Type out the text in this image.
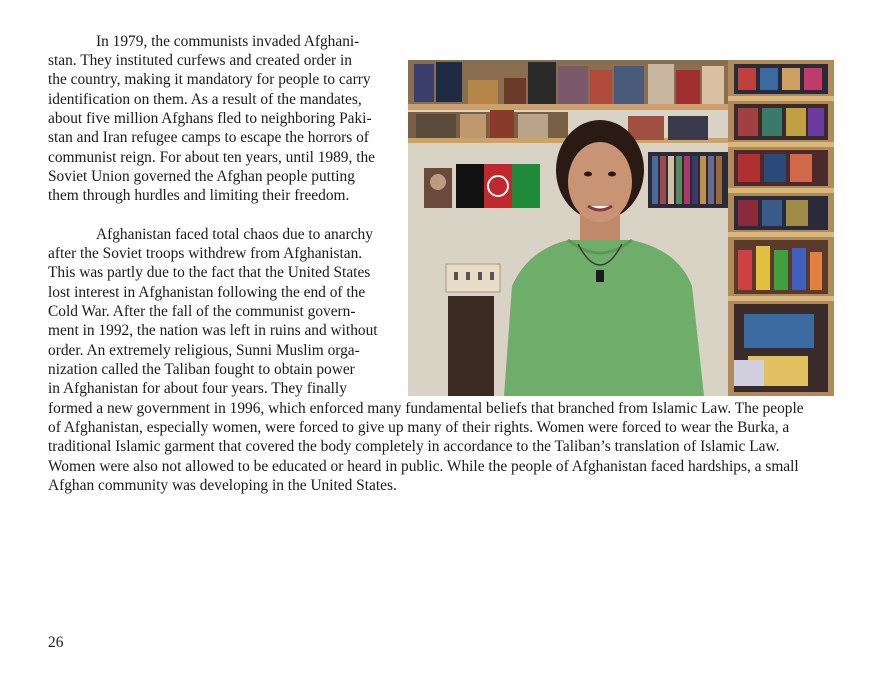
In 1979, the communists invaded Afghani-
stan. They instituted curfews and created order in
the country, making it mandatory for people to carry
identification on them. As a result of the mandates,
about five million Afghans fled to neighboring Paki-
stan and Iran refugee camps to escape the horrors of
communist reign. For about ten years, until 1989, the
Soviet Union governed the Afghan people putting
them through hurdles and limiting their freedom.
Afghanistan faced total chaos due to anarchy
after the Soviet troops withdrew from Afghanistan.
This was partly due to the fact that the United States
lost interest in Afghanistan following the end of the
Cold War. After the fall of the communist govern-
ment in 1992, the nation was left in ruins and without
order. An extremely religious, Sunni Muslim orga-
nization called the Taliban fought to obtain power
in Afghanistan for about four years. They finally
formed a new government in 1996, which enforced many fundamental beliefs that branched from Islamic Law. The people
of Afghanistan, especially women, were forced to give up many of their rights. Women were forced to wear the Burka, a
traditional Islamic garment that covered the body completely in accordance to the Taliban’s translation of Islamic Law.
Women were also not allowed to be educated or heard in public. While the people of Afghanistan faced hardships, a small
Afghan community was developing in the United States.
26
